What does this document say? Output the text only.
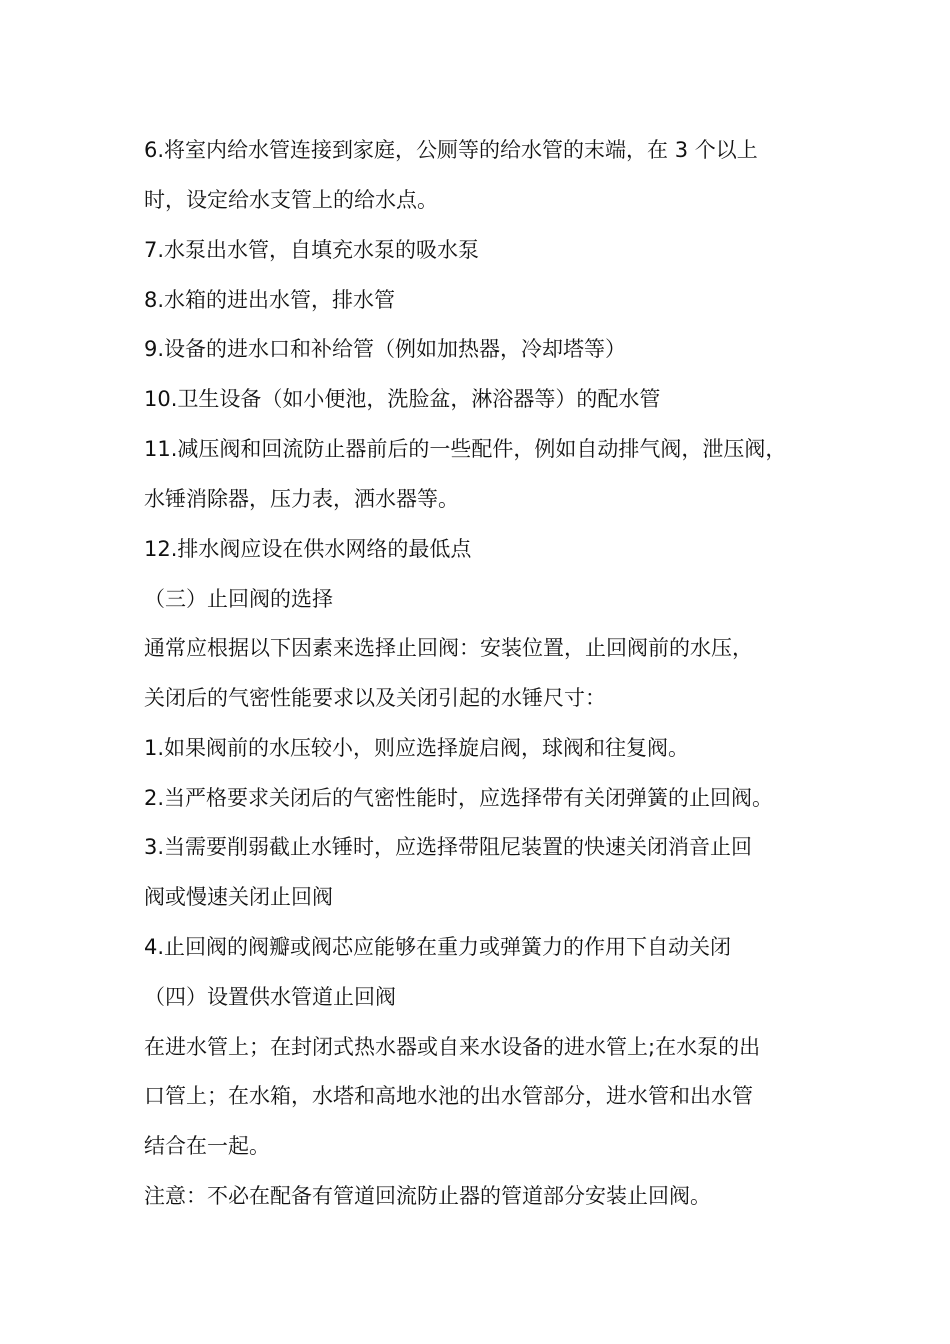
6.将室内给水管连接到家庭，公厕等的给水管的末端，在 3 个以上

时，设定给水支管上的给水点。

7.水泵出水管，自填充水泵的吸水泵

8.水箱的进出水管，排水管

9.设备的进水口和补给管（例如加热器，冷却塔等）

10.卫生设备（如小便池，洗脸盆，淋浴器等）的配水管

11.减压阀和回流防止器前后的一些配件，例如自动排气阀，泄压阀，

水锤消除器，压力表，洒水器等。

12.排水阀应设在供水网络的最低点

（三）止回阀的选择

通常应根据以下因素来选择止回阀：安装位置，止回阀前的水压，

关闭后的气密性能要求以及关闭引起的水锤尺寸：

1.如果阀前的水压较小，则应选择旋启阀，球阀和往复阀。

2.当严格要求关闭后的气密性能时，应选择带有关闭弹簧的止回阀。

3.当需要削弱截止水锤时，应选择带阻尼装置的快速关闭消音止回

阀或慢速关闭止回阀

4.止回阀的阀瓣或阀芯应能够在重力或弹簧力的作用下自动关闭

（四）设置供水管道止回阀

在进水管上；在封闭式热水器或自来水设备的进水管上;在水泵的出

口管上；在水箱，水塔和高地水池的出水管部分，进水管和出水管

结合在一起。

注意：不必在配备有管道回流防止器的管道部分安装止回阀。
